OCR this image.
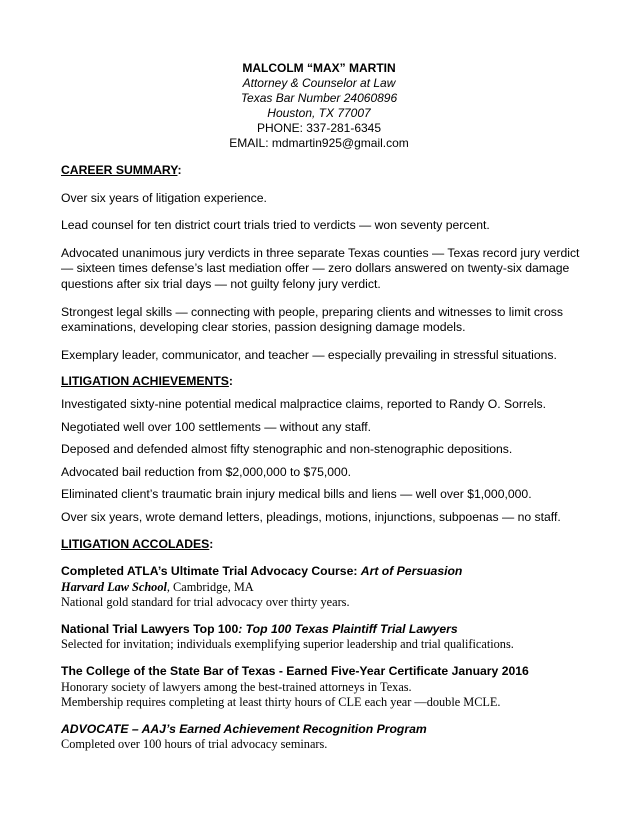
MALCOLM “MAX” MARTIN
Attorney & Counselor at Law
Texas Bar Number 24060896
Houston, TX 77007
PHONE: 337-281-6345
EMAIL: mdmartin925@gmail.com

CAREER SUMMARY:

Over six years of litigation experience.

Lead counsel for ten district court trials tried to verdicts — won seventy percent.

Advocated unanimous jury verdicts in three separate Texas counties — Texas record jury verdict — sixteen times defense’s last mediation offer — zero dollars answered on twenty-six damage questions after six trial days — not guilty felony jury verdict.

Strongest legal skills — connecting with people, preparing clients and witnesses to limit cross examinations, developing clear stories, passion designing damage models.

Exemplary leader, communicator, and teacher — especially prevailing in stressful situations.

LITIGATION ACHIEVEMENTS:

Investigated sixty-nine potential medical malpractice claims, reported to Randy O. Sorrels.

Negotiated well over 100 settlements — without any staff.

Deposed and defended almost fifty stenographic and non-stenographic depositions.

Advocated bail reduction from $2,000,000 to $75,000.

Eliminated client’s traumatic brain injury medical bills and liens — well over $1,000,000.

Over six years, wrote demand letters, pleadings, motions, injunctions, subpoenas — no staff.

LITIGATION ACCOLADES:

Completed ATLA’s Ultimate Trial Advocacy Course: Art of Persuasion
Harvard Law School, Cambridge, MA
National gold standard for trial advocacy over thirty years.
National Trial Lawyers Top 100: Top 100 Texas Plaintiff Trial Lawyers
Selected for invitation; individuals exemplifying superior leadership and trial qualifications.
The College of the State Bar of Texas - Earned Five-Year Certificate January 2016
Honorary society of lawyers among the best-trained attorneys in Texas.
Membership requires completing at least thirty hours of CLE each year —double MCLE.
ADVOCATE – AAJ’s Earned Achievement Recognition Program
Completed over 100 hours of trial advocacy seminars.
